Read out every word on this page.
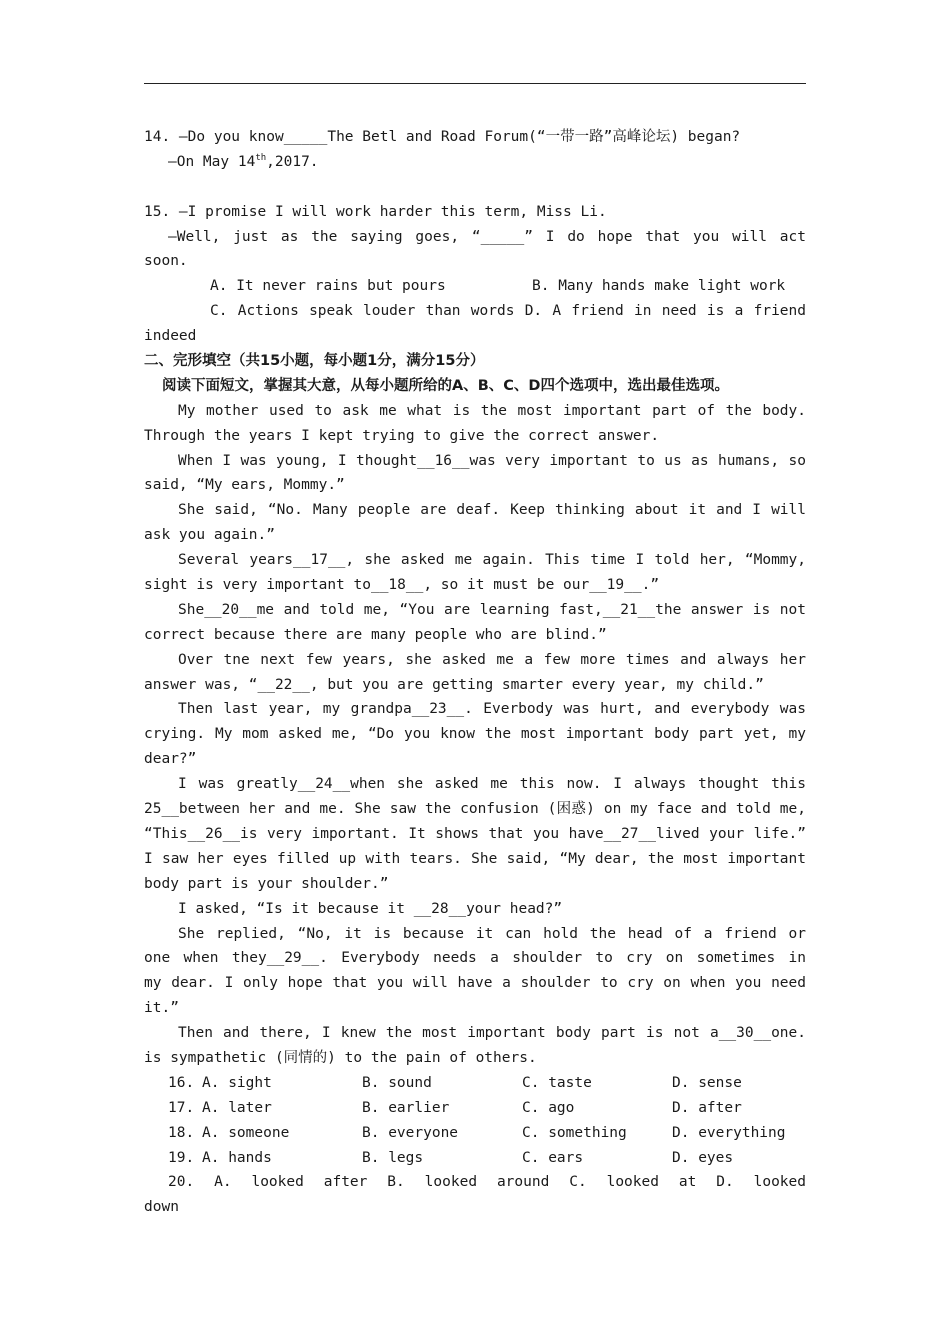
14. —Do you know_____The Betl and Road Forum(“一带一路”高峰论坛) began?
—On May 14th,2017.

15. —I promise I will work harder this term, Miss Li.
—Well, just as the saying goes, “_____” I do hope that you will act
soon.
A. It never rains but pours	B. Many hands make light work
C. Actions speak louder than words D. A friend in need is a friend
indeed
二、完形填空（共15小题，每小题1分，满分15分）
阅读下面短文，掌握其大意，从每小题所给的A、B、C、D四个选项中，选出最佳选项。
My mother used to ask me what is the most important part of the body.
Through the years I kept trying to give the correct answer.
When I was young, I thought__16__was very important to us as humans, so
said, “My ears, Mommy.”
She said, “No. Many people are deaf. Keep thinking about it and I will
ask you again.”
Several years__17__, she asked me again. This time I told her, “Mommy,
sight is very important to__18__, so it must be our__19__.”
She__20__me and told me, “You are learning fast,__21__the answer is not
correct because there are many people who are blind.”
Over tne next few years, she asked me a few more times and always her
answer was, “__22__, but you are getting smarter every year, my child.”
Then last year, my grandpa__23__. Everbody was hurt, and everybody was
crying. My mom asked me, “Do you know the most important body part yet, my
dear?”
I was greatly__24__when she asked me this now. I always thought this
25__between her and me. She saw the confusion (困惑) on my face and told me,
“This__26__is very important. It shows that you have__27__lived your life.”
I saw her eyes filled up with tears. She said, “My dear, the most important
body part is your shoulder.”
I asked, “Is it because it __28__your head?”
She replied, “No, it is because it can hold the head of a friend or
one when they__29__. Everybody needs a shoulder to cry on sometimes in
my dear. I only hope that you will have a shoulder to cry on when you need
it.”
Then and there, I knew the most important body part is not a__30__one.
is sympathetic (同情的) to the pain of others.
16. A. sight	B. sound	C. taste	D. sense
17. A. later	B. earlier	C. ago	D. after
18. A. someone	B. everyone	C. something	D. everything
19. A. hands	B. legs	C. ears	D. eyes
20. A. looked after B. looked around C. looked at D. looked
down
